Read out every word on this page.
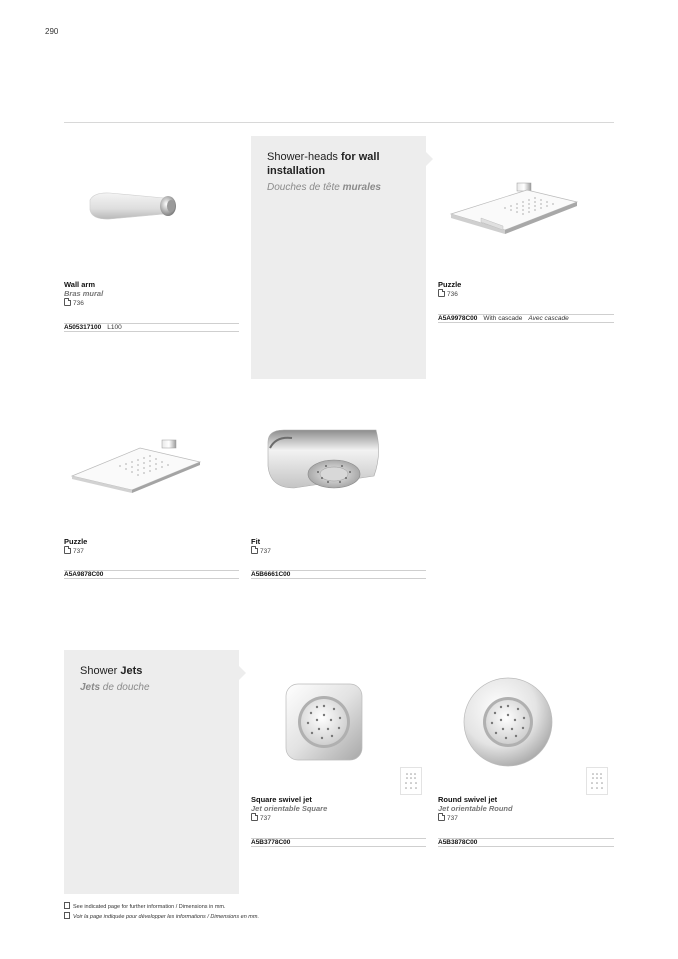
290
Shower-heads for wall installation
Douches de tête murales
Wall arm
Bras mural
736
A505317100 L100
Puzzle
736
A5A9978C00 With cascade Avec cascade
Puzzle
737
A5A9878C00
Fit
737
A5B6661C00
Shower Jets
Jets de douche
Square swivel jet
Jet orientable Square
737
A5B3778C00
Round swivel jet
Jet orientable Round
737
A5B3878C00
See indicated page for further information / Dimensions in mm.
Voir la page indiquée pour développer les informations / Dimensions en mm.
